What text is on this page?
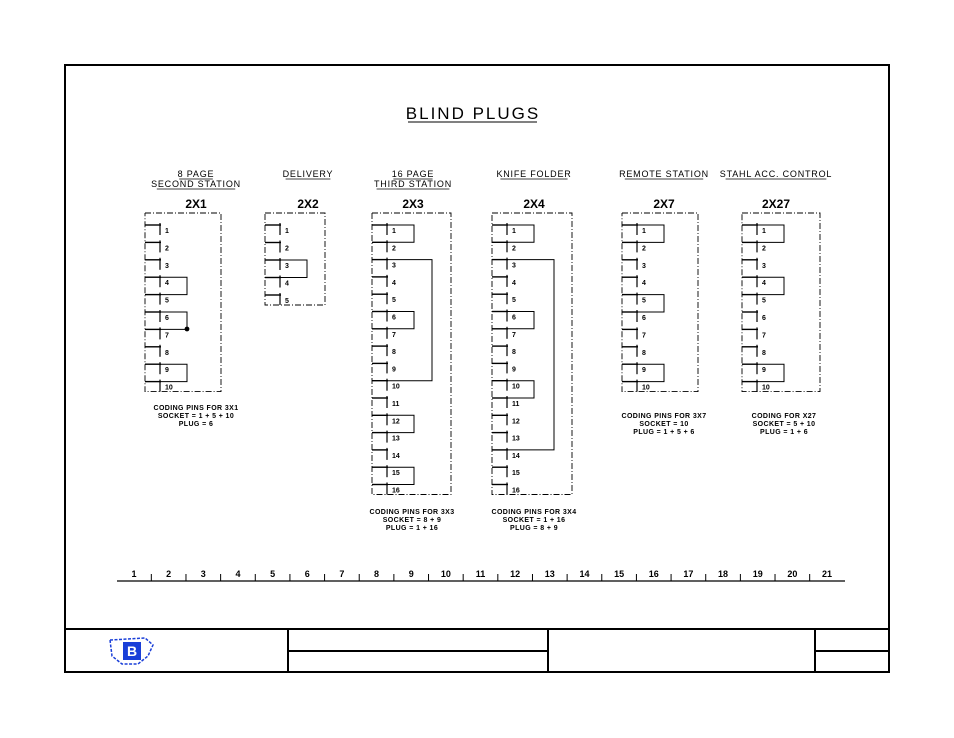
B
BLIND PLUGS
8 PAGE
SECOND STATION
2X1
1
2
3
4
5
6
7
8
9
10
CODING PINS FOR 3X1
SOCKET = 1 + 5 + 10
PLUG = 6
DELIVERY
2X2
1
2
3
4
5
16 PAGE
THIRD STATION
2X3
1
2
3
4
5
6
7
8
9
10
11
12
13
14
15
16
CODING PINS FOR 3X3
SOCKET = 8 + 9
PLUG = 1 + 16
KNIFE FOLDER
2X4
1
2
3
4
5
6
7
8
9
10
11
12
13
14
15
16
CODING PINS FOR 3X4
SOCKET = 1 + 16
PLUG = 8 + 9
REMOTE STATION
2X7
1
2
3
4
5
6
7
8
9
10
CODING PINS FOR 3X7
SOCKET = 10
PLUG = 1 + 5 + 6
STAHL ACC. CONTROL
2X27
1
2
3
4
5
6
7
8
9
10
CODING FOR X27
SOCKET = 5 + 10
PLUG = 1 + 6
1	2	3	4	5	6	7	8	9	10	11	12	13	14	15	16	17	18	19	20	21
